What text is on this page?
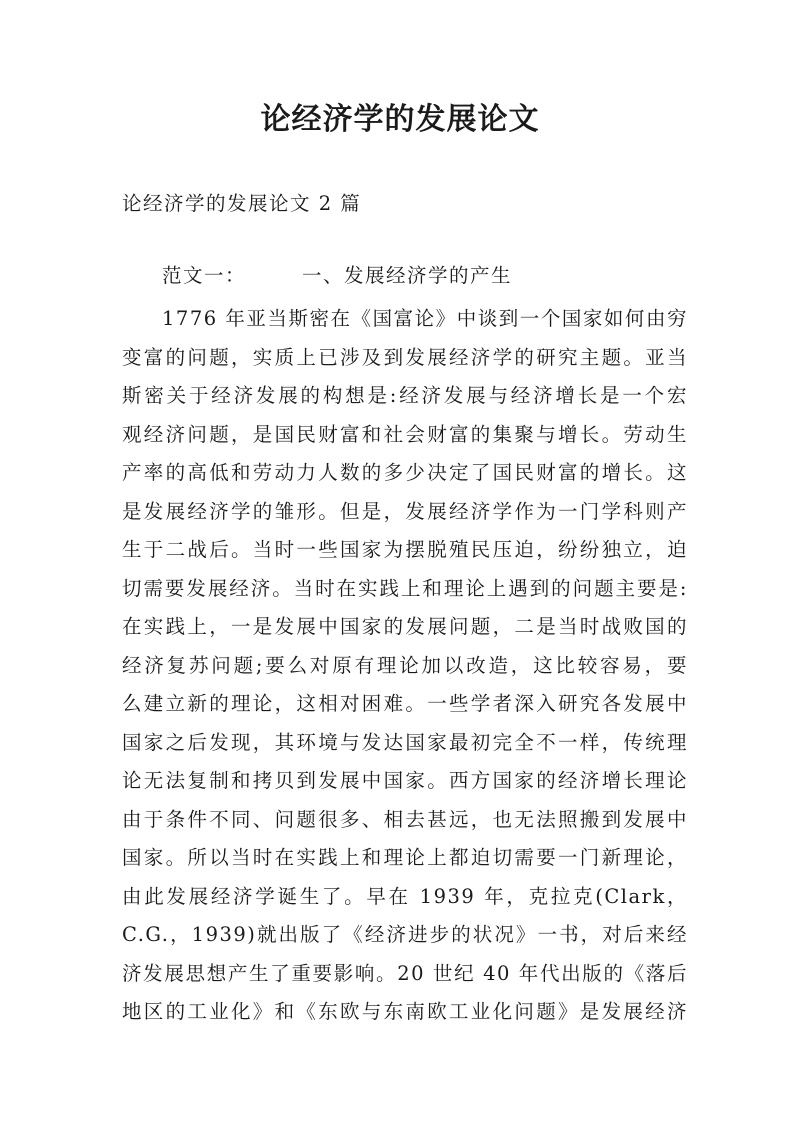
论经济学的发展论文

论经济学的发展论文 2 篇

范文一：	一、发展经济学的产生

1776 年亚当斯密在《国富论》中谈到一个国家如何由穷
变富的问题，实质上已涉及到发展经济学的研究主题。亚当
斯密关于经济发展的构想是:经济发展与经济增长是一个宏
观经济问题，是国民财富和社会财富的集聚与增长。劳动生
产率的高低和劳动力人数的多少决定了国民财富的增长。这
是发展经济学的雏形。但是，发展经济学作为一门学科则产
生于二战后。当时一些国家为摆脱殖民压迫，纷纷独立，迫
切需要发展经济。当时在实践上和理论上遇到的问题主要是:
在实践上，一是发展中国家的发展问题，二是当时战败国的
经济复苏问题;要么对原有理论加以改造，这比较容易，要
么建立新的理论，这相对困难。一些学者深入研究各发展中
国家之后发现，其环境与发达国家最初完全不一样，传统理
论无法复制和拷贝到发展中国家。西方国家的经济增长理论
由于条件不同、问题很多、相去甚远，也无法照搬到发展中
国家。所以当时在实践上和理论上都迫切需要一门新理论，
由此发展经济学诞生了。早在 1939 年，克拉克(Clark，
C.G.，1939)就出版了《经济进步的状况》一书，对后来经
济发展思想产生了重要影响。20 世纪 40 年代出版的《落后
地区的工业化》和《东欧与东南欧工业化问题》是发展经济
